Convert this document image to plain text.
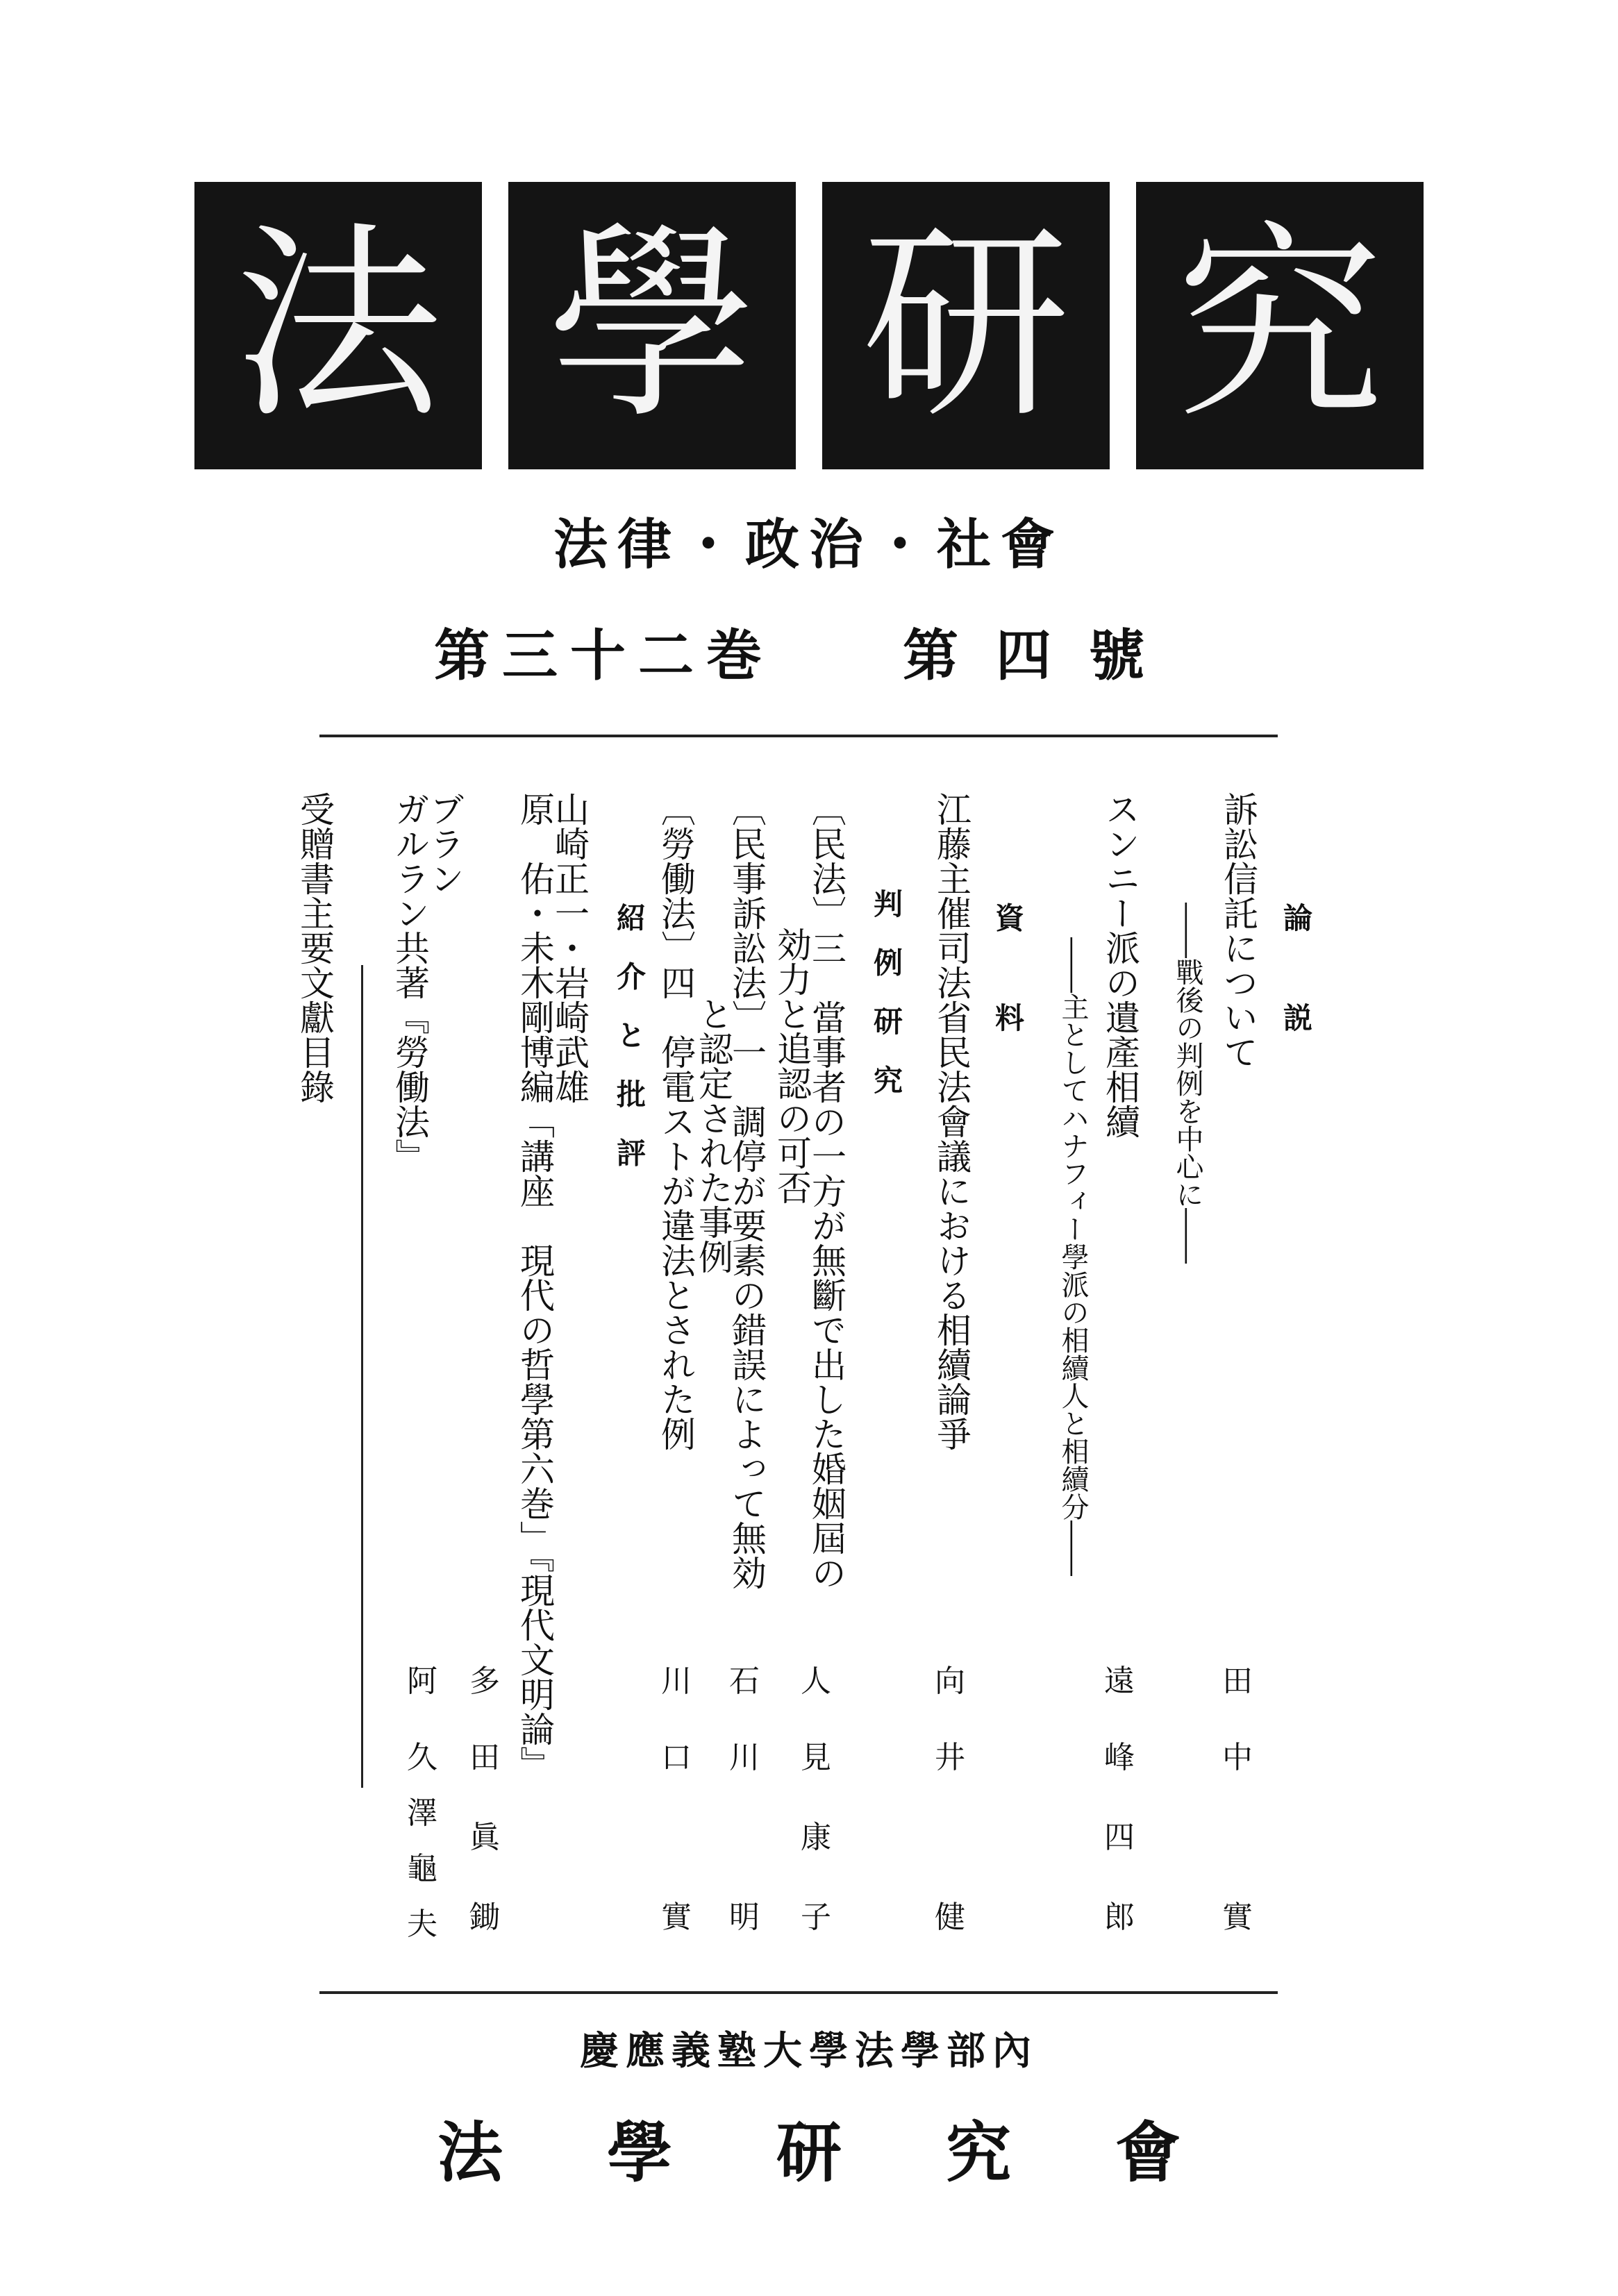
法 學 研 究
法律・政治・社會
第三十二巻 第四號
論　説
訴訟信託について
――戰後の判例を中心に――
スンニー派の遺產相續
――主としてハナフィー學派の相續人と相續分――
資　料
江藤主催司法省民法會議における相續論爭
判 例 研 究
〔民法〕三　當事者の一方が無斷で出した婚姻屆の
効力と追認の可否
〔民事訴訟法〕一　調停が要素の錯誤によって無効
と認定された事例
〔勞働法〕四　停電ストが違法とされた例
紹 介 と 批 評
山崎正一・岩崎武雄
原　佑・未木剛博編「講座　現代の哲學第六巻」『現代文明論』
ブラン
ガルラン共著『勞働法』
受贈書主要文獻目錄
田
中
實
遠
峰
四
郎
向
井
健
人
見
康
子
石
川
明
川
口
實
多
田
眞
鋤
阿
久
澤
龜
夫
慶應義塾大學法學部內
法學研究會
